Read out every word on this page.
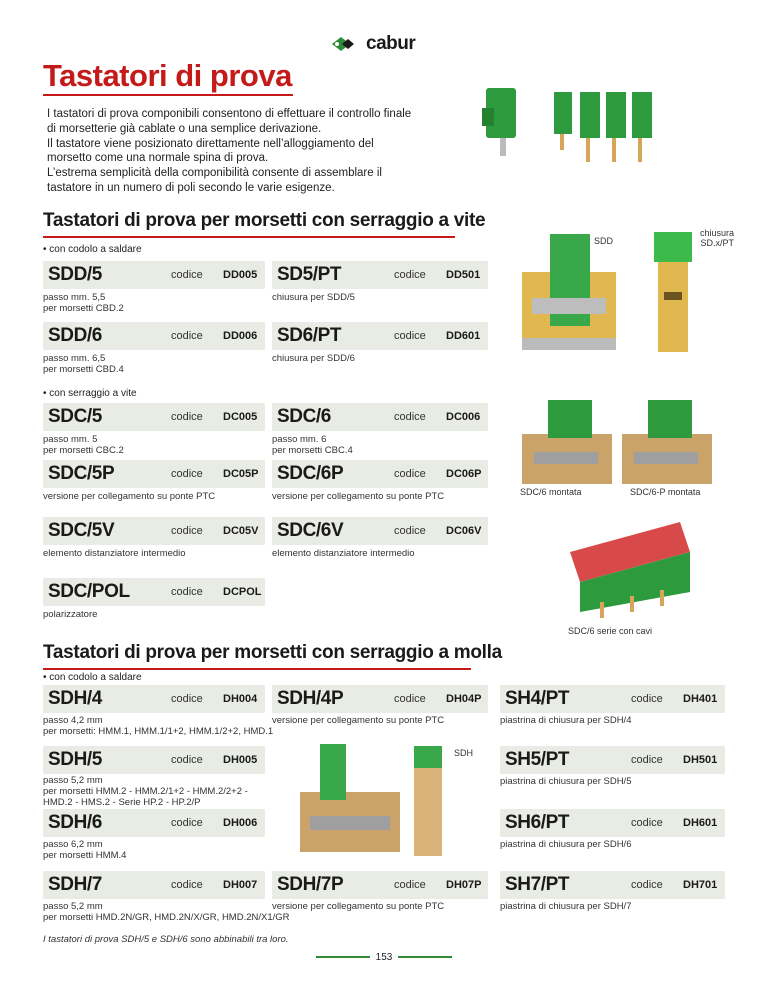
cabur
Tastatori di prova

I tastatori di prova componibili consentono di effettuare il controllo finale di morsetterie già cablate o una semplice derivazione.

Il tastatore viene posizionato direttamente nell’alloggiamento del morsetto come una normale spina di prova.

L’estrema semplicità della componibilità consente di assemblare il tastatore in un numero di poli secondo le varie esigenze.

Tastatori di prova per morsetti con serraggio a vite
• con codolo a saldare
SDD/5	codice	DD005
passo mm. 5,5
per morsetti CBD.2
SD5/PT	codice	DD501
chiusura per SDD/5
SDD/6	codice	DD006
passo mm. 6,5
per morsetti CBD.4
SD6/PT	codice	DD601
chiusura per SDD/6
• con serraggio a vite
SDC/5	codice	DC005
passo mm. 5
per morsetti CBC.2
SDC/6	codice	DC006
passo mm. 6
per morsetti CBC.4
SDC/5P	codice	DC05P
versione per collegamento su ponte PTC
SDC/6P	codice	DC06P
versione per collegamento su ponte PTC
SDC/5V	codice	DC05V
elemento distanziatore intermedio
SDC/6V	codice	DC06V
elemento distanziatore intermedio
SDC/POL	codice	DCPOL
polarizzatore
SDD
chiusura
SD.x/PT
SDC/6 montata	SDC/6-P montata
SDC/6 serie con cavi
Tastatori di prova per morsetti con serraggio a molla
• con codolo a saldare
SDH/4	codice	DH004
passo 4,2 mm
per morsetti: HMM.1, HMM.1/1+2, HMM.1/2+2, HMD.1
SDH/4P	codice	DH04P
versione per collegamento su ponte PTC
SH4/PT	codice	DH401
piastrina di chiusura per SDH/4
SDH/5	codice	DH005
passo 5,2 mm
per morsetti HMM.2 - HMM.2/1+2 - HMM.2/2+2 -
HMD.2 - HMS.2 - Serie HP.2 - HP.2/P
SH5/PT	codice	DH501
piastrina di chiusura per SDH/5
SDH/6	codice	DH006
passo 6,2 mm
per morsetti HMM.4
SH6/PT	codice	DH601
piastrina di chiusura per SDH/6
SDH
SDH/7	codice	DH007
passo 5,2 mm
per morsetti HMD.2N/GR, HMD.2N/X/GR, HMD.2N/X1/GR
SDH/7P	codice	DH07P
versione per collegamento su ponte PTC
SH7/PT	codice	DH701
piastrina di chiusura per SDH/7
I tastatori di prova SDH/5 e SDH/6 sono abbinabili tra loro.
153
